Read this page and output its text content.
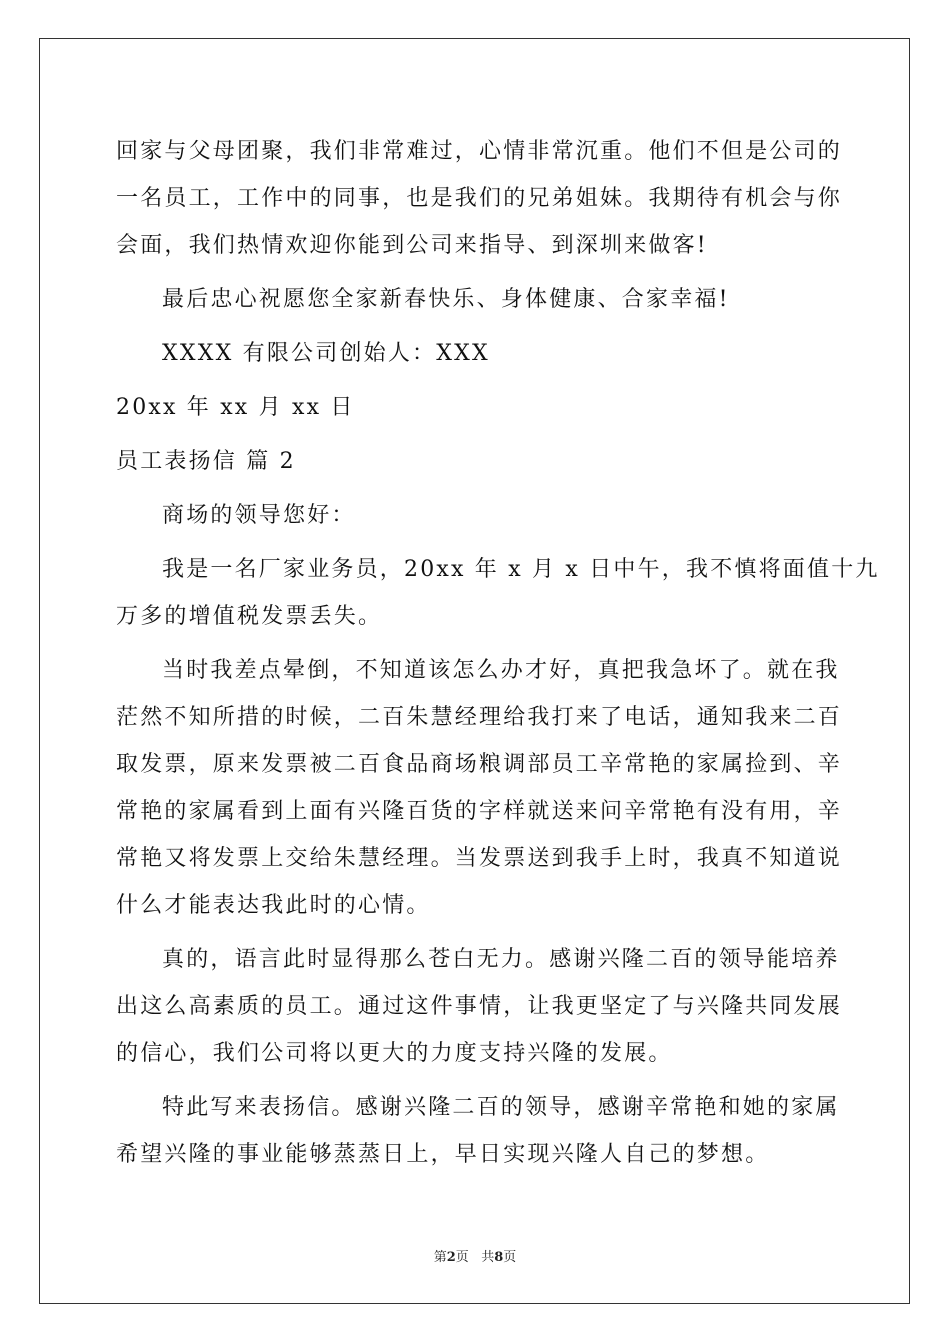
回家与父母团聚，我们非常难过，心情非常沉重。他们不但是公司的
一名员工，工作中的同事，也是我们的兄弟姐妹。我期待有机会与你
会面，我们热情欢迎你能到公司来指导、到深圳来做客!
最后忠心祝愿您全家新春快乐、身体健康、合家幸福!
XXXX 有限公司创始人：XXX
20xx 年 xx 月 xx 日
员工表扬信 篇 2
商场的领导您好：
我是一名厂家业务员，20xx 年 x 月 x 日中午，我不慎将面值十九
万多的增值税发票丢失。
当时我差点晕倒，不知道该怎么办才好，真把我急坏了。就在我
茫然不知所措的时候，二百朱慧经理给我打来了电话，通知我来二百
取发票，原来发票被二百食品商场粮调部员工辛常艳的家属捡到、辛
常艳的家属看到上面有兴隆百货的字样就送来问辛常艳有没有用，辛
常艳又将发票上交给朱慧经理。当发票送到我手上时，我真不知道说
什么才能表达我此时的心情。
真的，语言此时显得那么苍白无力。感谢兴隆二百的领导能培养
出这么高素质的员工。通过这件事情，让我更坚定了与兴隆共同发展
的信心，我们公司将以更大的力度支持兴隆的发展。
特此写来表扬信。感谢兴隆二百的领导，感谢辛常艳和她的家属
希望兴隆的事业能够蒸蒸日上，早日实现兴隆人自己的梦想。
第2页 共8页
